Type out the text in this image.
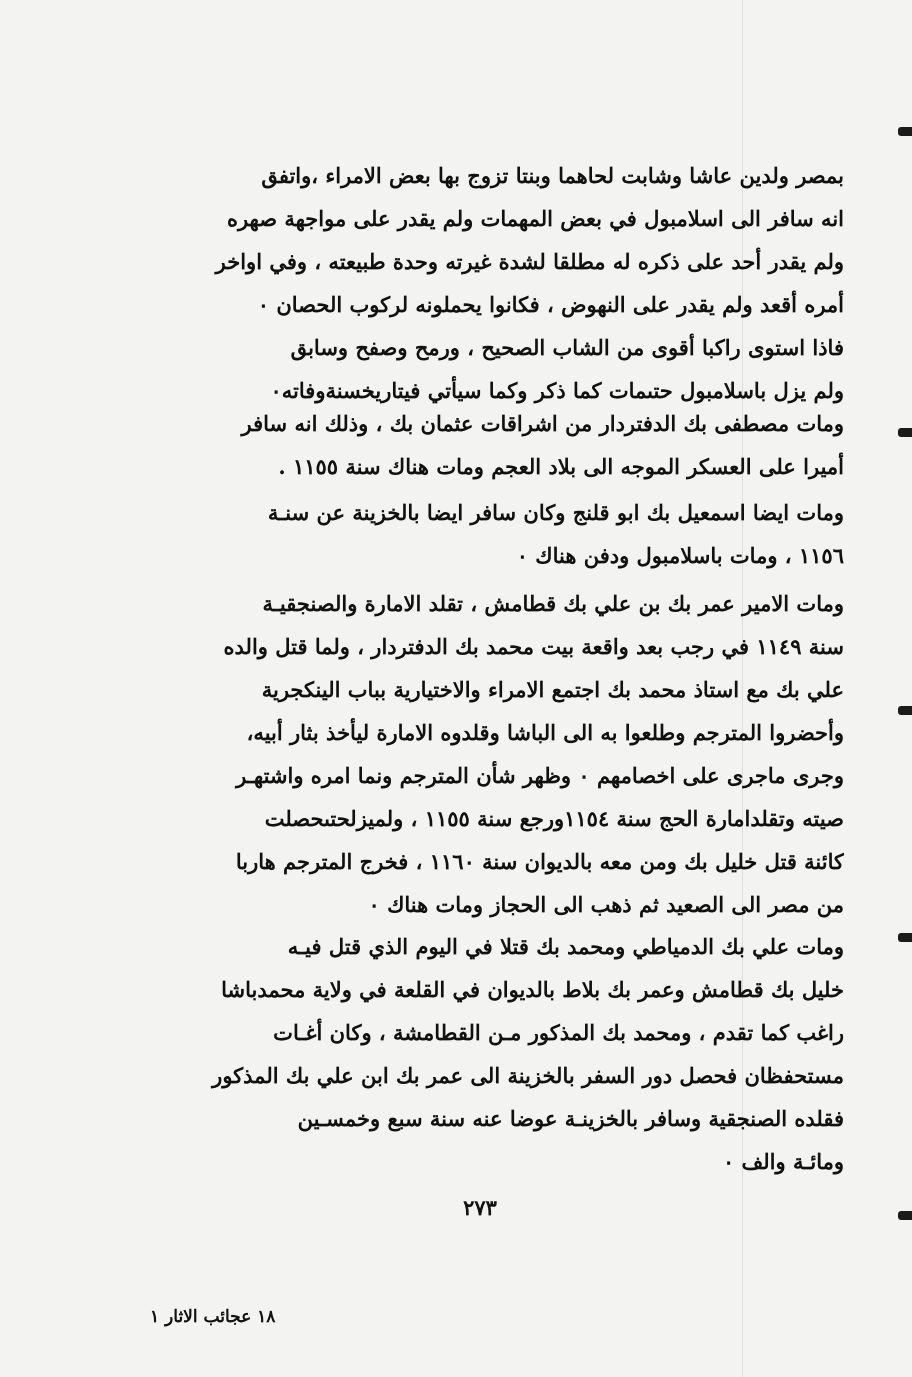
بمصر ولدين عاشا وشابت لحاهما وبنتا تزوج بها بعض الامراء ،واتفق
انه سافر الى اسلامبول في بعض المهمات ولم يقدر على مواجهة صهره
ولم يقدر أحد على ذكره له مطلقا لشدة غيرته وحدة طبيعته ، وفي اواخر
أمره أقعد ولم يقدر على النهوض ، فكانوا يحملونه لركوب الحصان ٠
فاذا استوى راكبا أقوى من الشاب الصحيح ، ورمح وصفح وسابق
ولم يزل باسلامبول حتىمات كما ذكر وكما سيأتي فيتاريخسنةوفاته٠
ومات مصطفى بك الدفتردار من اشراقات عثمان بك ، وذلك انه سافر
أميرا على العسكر الموجه الى بلاد العجم ومات هناك سنة ١١٥٥ .
ومات ايضا اسمعيل بك ابو قلنج وكان سافر ايضا بالخزينة عن سنـة
١١٥٦ ، ومات باسلامبول ودفن هناك ٠
ومات الامير عمر بك بن علي بك قطامش ، تقلد الامارة والصنجقيـة
سنة ١١٤٩ في رجب بعد واقعة بيت محمد بك الدفتردار ، ولما قتل والده
علي بك مع استاذ محمد بك اجتمع الامراء والاختيارية بباب الينكجرية
وأحضروا المترجم وطلعوا به الى الباشا وقلدوه الامارة ليأخذ بثار أبيه،
وجرى ماجرى على اخصامهم ٠ وظهر شأن المترجم ونما امره واشتهـر
صيته وتقلدامارة الحج سنة ١١٥٤ورجع سنة ١١٥٥ ، ولميزلحتىحصلت
كائنة قتل خليل بك ومن معه بالديوان سنة ١١٦٠ ، فخرج المترجم هاربا
من مصر الى الصعيد ثم ذهب الى الحجاز ومات هناك ٠
ومات علي بك الدمياطي ومحمد بك قتلا في اليوم الذي قتل فيـه
خليل بك قطامش وعمر بك بلاط بالديوان في القلعة في ولاية محمدباشا
راغب كما تقدم ، ومحمد بك المذكور مـن القطامشة ، وكان أغـات
مستحفظان فحصل دور السفر بالخزينة الى عمر بك ابن علي بك المذكور
فقلده الصنجقية وسافر بالخزينـة عوضا عنه سنة سبع وخمسـين
ومائـة والف ٠
٢٧٣
١٨ عجائب الاثار ١
